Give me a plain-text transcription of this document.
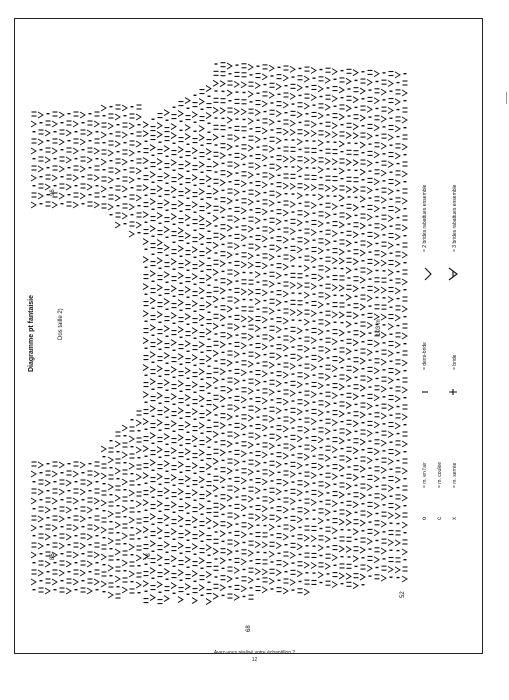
Diagramme pt fantaisie	Dos taille 2)	103 m
96
86	78
68
52
= m. en l'air = m. coulée = m. serrée
= demi-bride	= bride
= 2 brides rabattues ensemble	= 3 brides rabattues ensemble
o c x
Avez-vous réalisé votre échantillon ?
12
